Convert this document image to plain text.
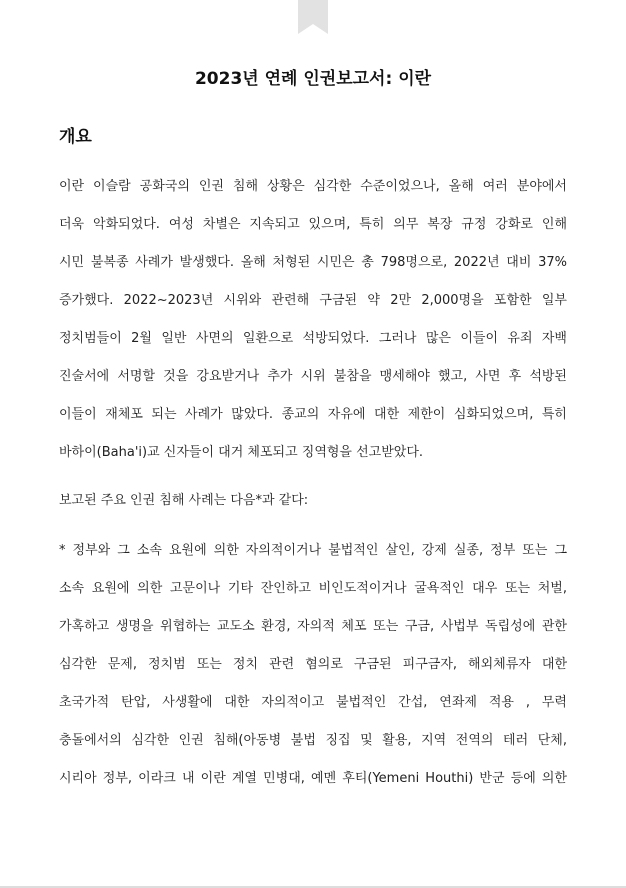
2023년 연례 인권보고서: 이란
개요
이란 이슬람 공화국의 인권 침해 상황은 심각한 수준이었으나, 올해 여러 분야에서
더욱 악화되었다. 여성 차별은 지속되고 있으며, 특히 의무 복장 규정 강화로 인해
시민 불복종 사례가 발생했다. 올해 처형된 시민은 총 798명으로, 2022년 대비 37%
증가했다. 2022~2023년 시위와 관련해 구금된 약 2만 2,000명을 포함한 일부
정치범들이 2월 일반 사면의 일환으로 석방되었다. 그러나 많은 이들이 유죄 자백
진술서에 서명할 것을 강요받거나 추가 시위 불참을 맹세해야 했고, 사면 후 석방된
이들이 재체포 되는 사례가 많았다. 종교의 자유에 대한 제한이 심화되었으며, 특히
바하이(Baha'i)교 신자들이 대거 체포되고 징역형을 선고받았다.
보고된 주요 인권 침해 사례는 다음*과 같다:
* 정부와 그 소속 요원에 의한 자의적이거나 불법적인 살인, 강제 실종, 정부 또는 그
소속 요원에 의한 고문이나 기타 잔인하고 비인도적이거나 굴욕적인 대우 또는 처벌,
가혹하고 생명을 위협하는 교도소 환경, 자의적 체포 또는 구금, 사법부 독립성에 관한
심각한 문제, 정치범 또는 정치 관련 혐의로 구금된 피구금자, 해외체류자 대한
초국가적 탄압, 사생활에 대한 자의적이고 불법적인 간섭, 연좌제 적용 , 무력
충돌에서의 심각한 인권 침해(아동병 불법 징집 및 활용, 지역 전역의 테러 단체,
시리아 정부, 이라크 내 이란 계열 민병대, 예멘 후티(Yemeni Houthi) 반군 등에 의한
